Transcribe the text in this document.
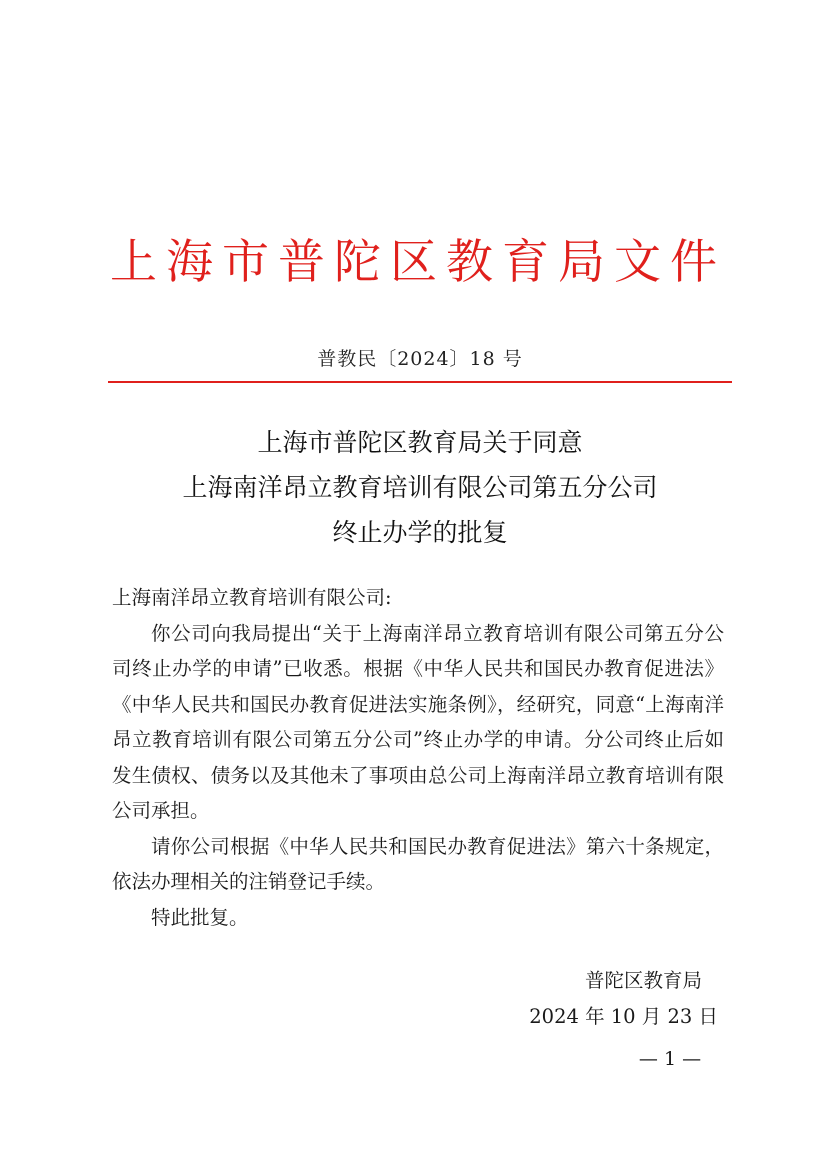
上海市普陀区教育局文件
普教民〔2024〕18 号
上海市普陀区教育局关于同意
上海南洋昂立教育培训有限公司第五分公司
终止办学的批复

上海南洋昂立教育培训有限公司:

你公司向我局提出“关于上海南洋昂立教育培训有限公司第五分公司终止办学的申请”已收悉。根据《中华人民共和国民办教育促进法》《中华人民共和国民办教育促进法实施条例》，经研究，同意“上海南洋昂立教育培训有限公司第五分公司”终止办学的申请。分公司终止后如发生债权、债务以及其他未了事项由总公司上海南洋昂立教育培训有限公司承担。

请你公司根据《中华人民共和国民办教育促进法》第六十条规定，依法办理相关的注销登记手续。

特此批复。

普陀区教育局
2024 年 10 月 23 日
— 1 —
